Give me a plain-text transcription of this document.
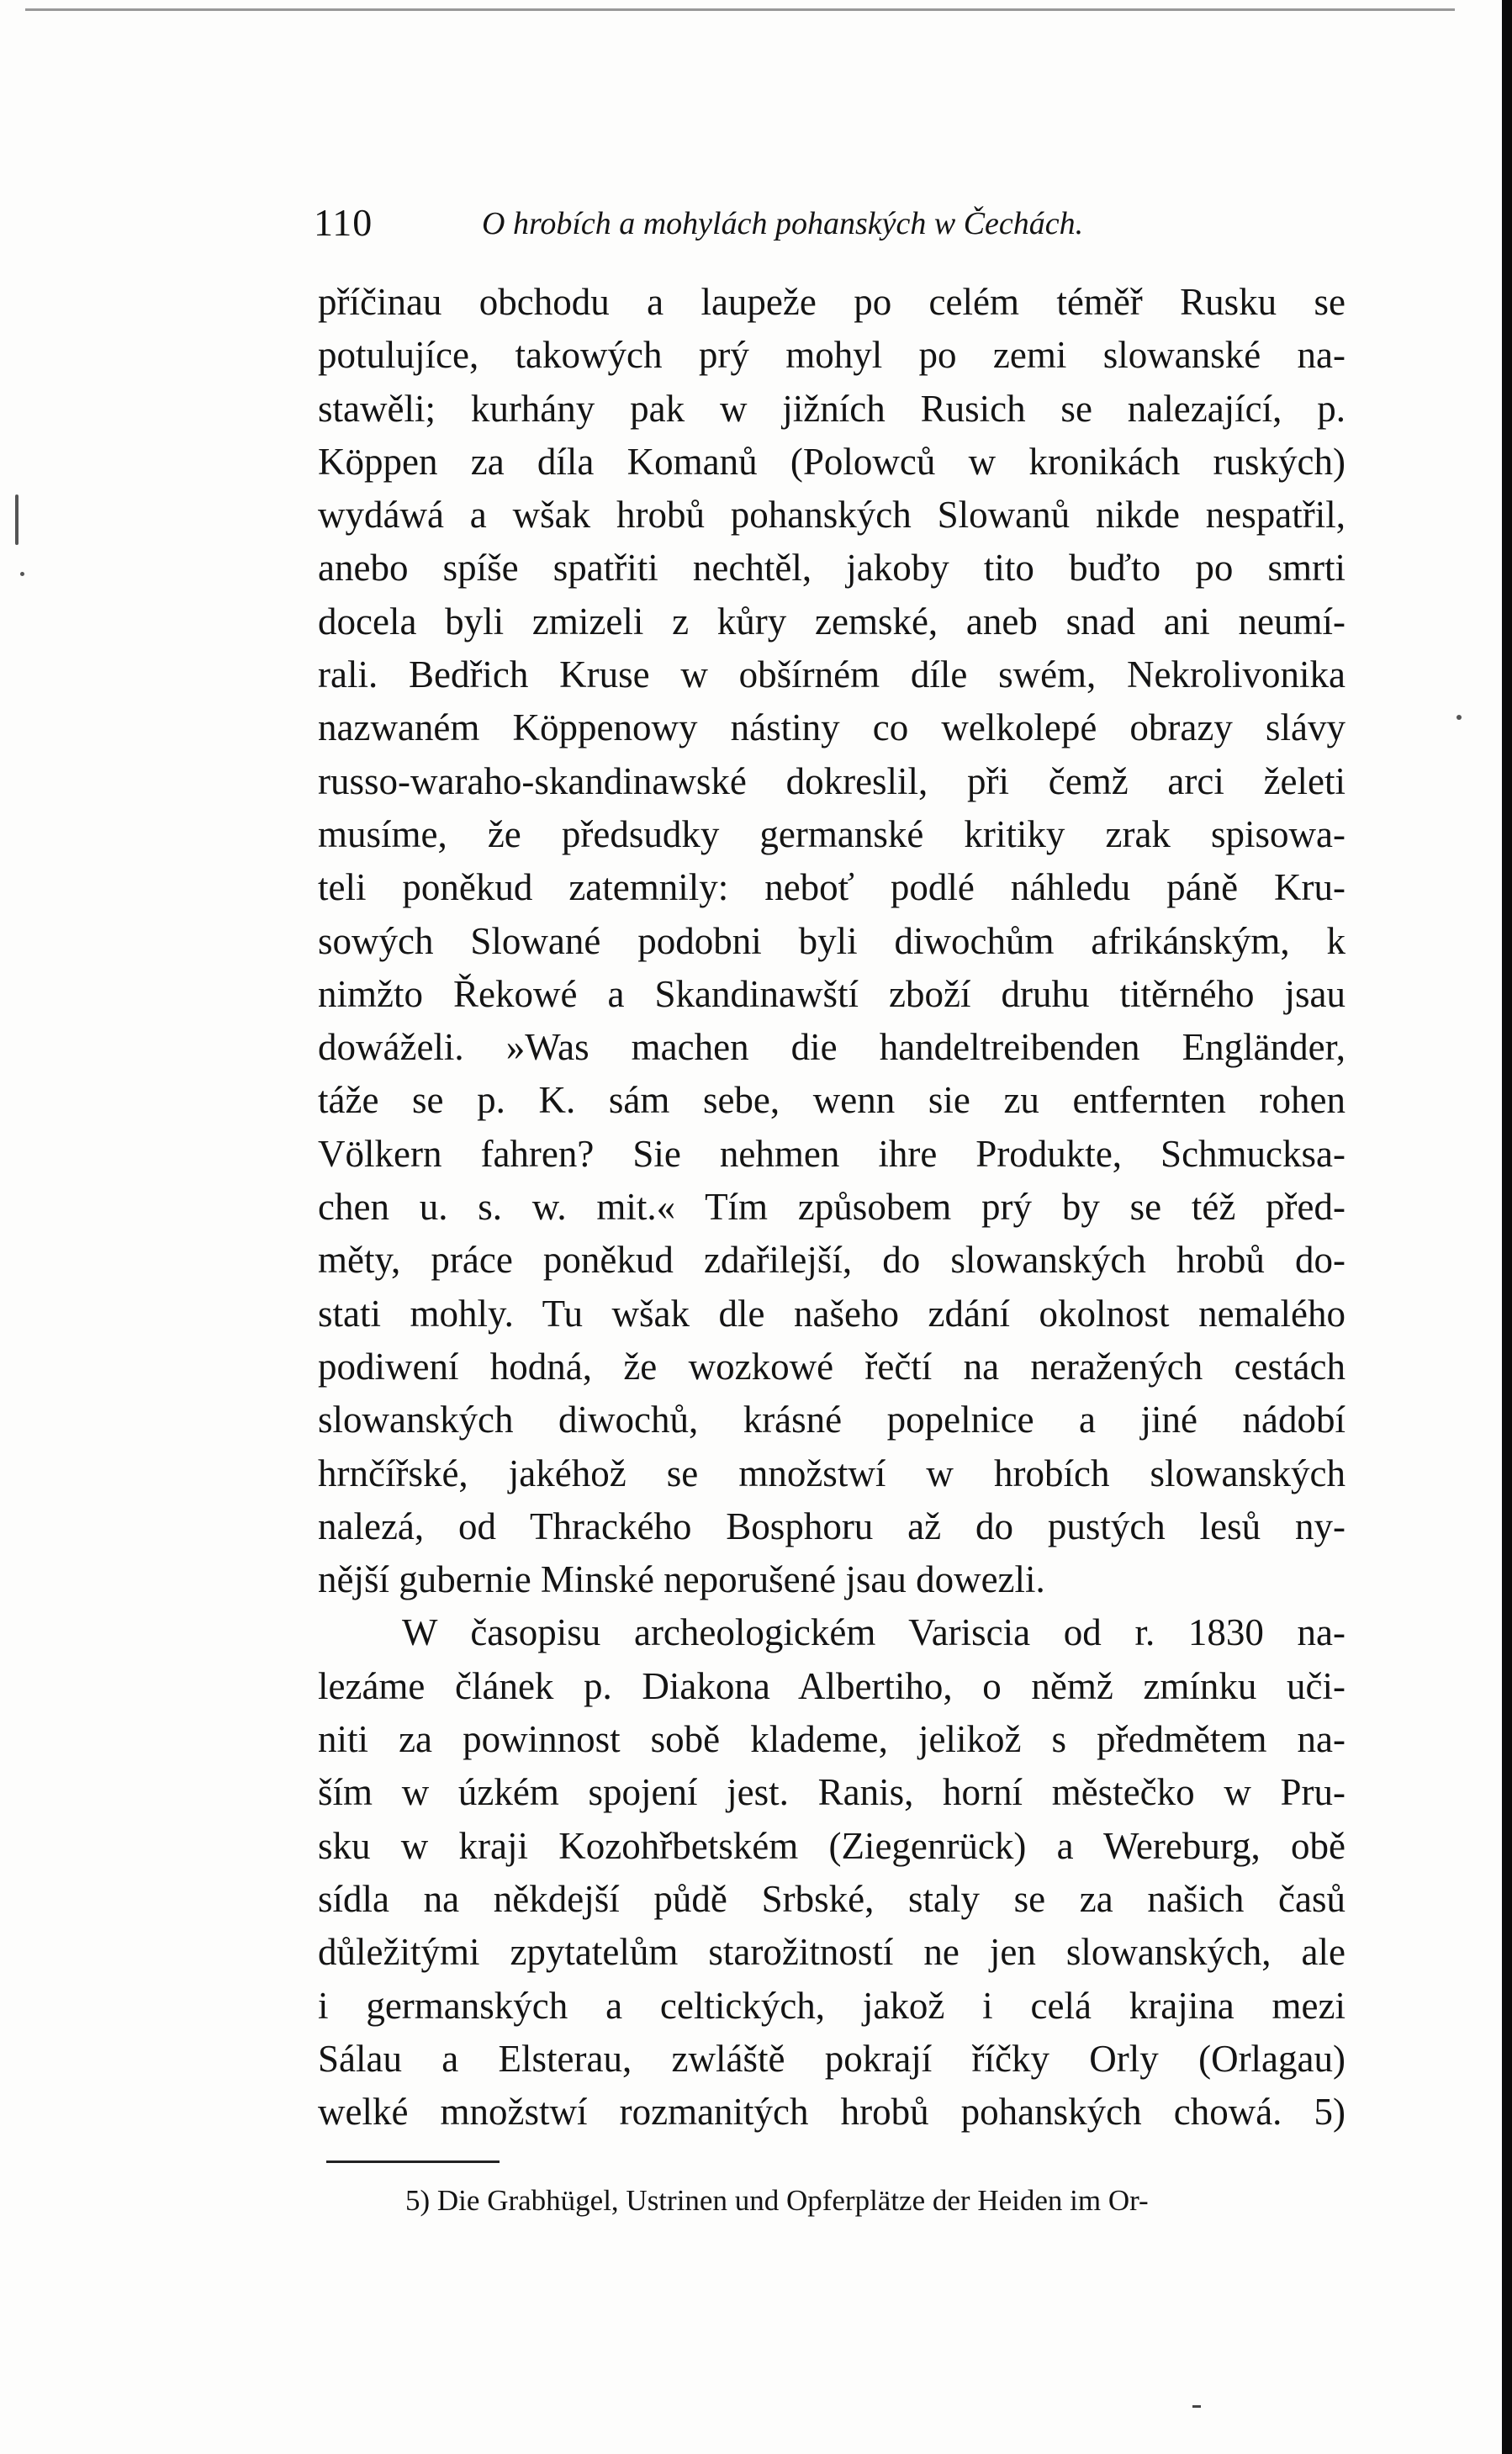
110	O hrobích a mohylách pohanských w Čechách.
příčinau obchodu a laupeže po celém téměř Rusku se
potulujíce, takowých prý mohyl po zemi slowanské na-
stawěli; kurhány pak w jižních Rusich se nalezající, p.
Köppen za díla Komanů (Polowců w kronikách ruských)
wydáwá a wšak hrobů pohanských Slowanů nikde nespatřil,
anebo spíše spatřiti nechtěl, jakoby tito buďto po smrti
docela byli zmizeli z kůry zemské, aneb snad ani neumí-
rali. Bedřich Kruse w obšírném díle swém, Nekrolivonika
nazwaném Köppenowy nástiny co welkolepé obrazy slávy
russo-waraho-skandinawské dokreslil, při čemž arci želeti
musíme, že předsudky germanské kritiky zrak spisowa-
teli poněkud zatemnily: neboť podlé náhledu páně Kru-
sowých Slowané podobni byli diwochům afrikánským, k
nimžto Řekowé a Skandinawští zboží druhu titěrného jsau
dowáželi. »Was machen die handeltreibenden Engländer,
táže se p. K. sám sebe, wenn sie zu entfernten rohen
Völkern fahren? Sie nehmen ihre Produkte, Schmucksa-
chen u. s. w. mit.« Tím způsobem prý by se též před-
měty, práce poněkud zdařilejší, do slowanských hrobů do-
stati mohly. Tu wšak dle našeho zdání okolnost nemalého
podiwení hodná, že wozkowé řečtí na neražených cestách
slowanských diwochů, krásné popelnice a jiné nádobí
hrnčířské, jakéhož se množstwí w hrobích slowanských
nalezá, od Thrackého Bosphoru až do pustých lesů ny-
nější gubernie Minské neporušené jsau dowezli.
W časopisu archeologickém Variscia od r. 1830 na-
lezáme článek p. Diakona Albertiho, o němž zmínku uči-
niti za powinnost sobě klademe, jelikož s předmětem na-
ším w úzkém spojení jest. Ranis, horní městečko w Pru-
sku w kraji Kozohřbetském (Ziegenrück) a Wereburg, obě
sídla na někdejší půdě Srbské, staly se za našich časů
důležitými zpytatelům starožitností ne jen slowanských, ale
i germanských a celtických, jakož i celá krajina mezi
Sálau a Elsterau, zwláště pokrají říčky Orly (Orlagau)
welké množstwí rozmanitých hrobů pohanských chowá. 5)
5) Die Grabhügel, Ustrinen und Opferplätze der Heiden im Or-
